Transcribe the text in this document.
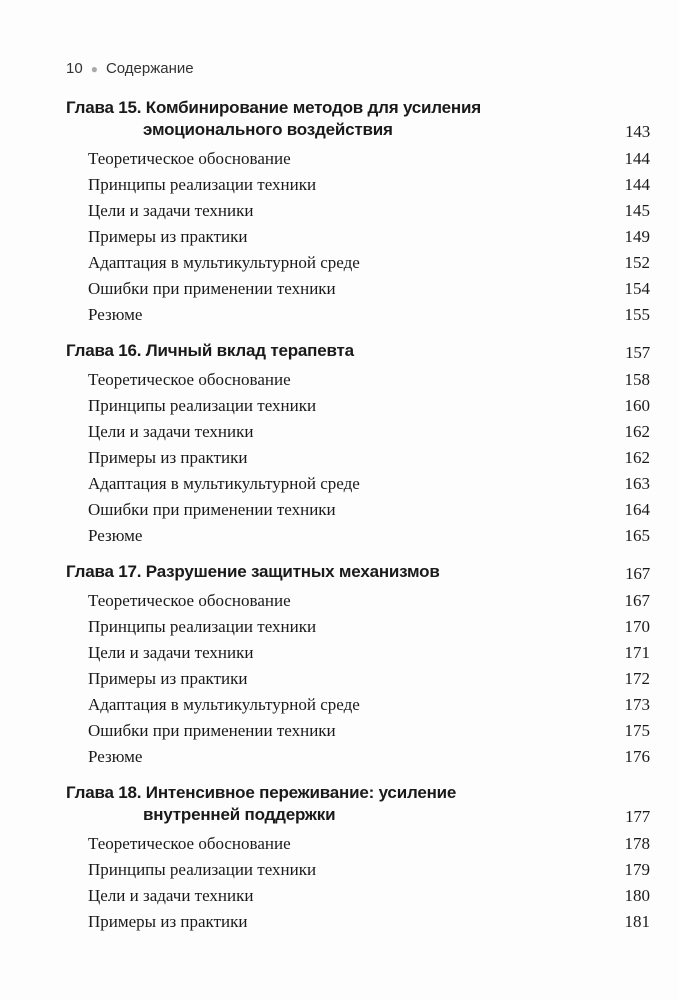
10 ● Содержание
Глава 15. Комбинирование методов для усиления
эмоционального воздействия	143
Теоретическое обоснование	144
Принципы реализации техники	144
Цели и задачи техники	145
Примеры из практики	149
Адаптация в мультикультурной среде	152
Ошибки при применении техники	154
Резюме	155
Глава 16. Личный вклад терапевта	157
Теоретическое обоснование	158
Принципы реализации техники	160
Цели и задачи техники	162
Примеры из практики	162
Адаптация в мультикультурной среде	163
Ошибки при применении техники	164
Резюме	165
Глава 17. Разрушение защитных механизмов	167
Теоретическое обоснование	167
Принципы реализации техники	170
Цели и задачи техники	171
Примеры из практики	172
Адаптация в мультикультурной среде	173
Ошибки при применении техники	175
Резюме	176
Глава 18. Интенсивное переживание: усиление
внутренней поддержки	177
Теоретическое обоснование	178
Принципы реализации техники	179
Цели и задачи техники	180
Примеры из практики	181
